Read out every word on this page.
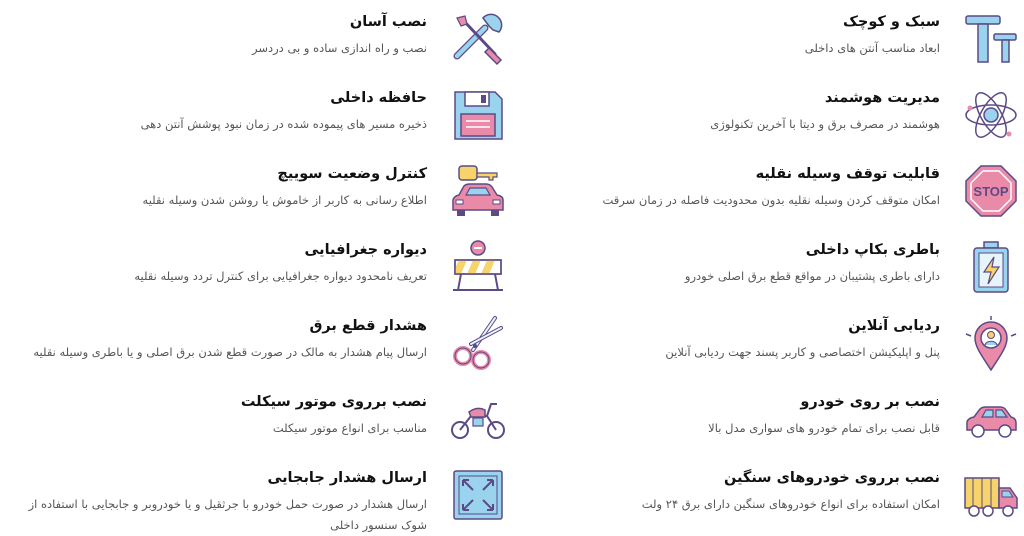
سبک و کوچک

ابعاد مناسب آنتن های داخلی

مدیریت هوشمند

هوشمند در مصرف برق و دیتا با آخرین تکنولوژی

STOP
قابلیت توقف وسیله نقلیه

امکان متوقف کردن وسیله نقلیه بدون محدودیت فاصله در زمان سرقت

باطری بکاپ داخلی

دارای باطری پشتیبان در مواقع قطع برق اصلی خودرو

ردیابی آنلاین

پنل و اپلیکیشن اختصاصی و کاربر پسند جهت ردیابی آنلاین

نصب بر روی خودرو

قابل نصب برای تمام خودرو های سواری مدل بالا

نصب برروی خودروهای سنگین

امکان استفاده برای انواع خودروهای سنگین دارای برق ۲۴ ولت

نصب آسان

نصب و راه اندازی ساده و بی دردسر

حافظه داخلی

ذخیره مسیر های پیموده شده در زمان نبود پوشش آنتن دهی

کنترل وضعیت سوییچ

اطلاع رسانی به کاربر از خاموش یا روشن شدن وسیله نقلیه

دیواره جغرافیایی

تعریف نامحدود دیواره جغرافیایی برای کنترل تردد وسیله نقلیه

هشدار قطع برق

ارسال پیام هشدار به مالک در صورت قطع شدن برق اصلی و یا باطری وسیله نقلیه

نصب برروی موتور سیکلت

مناسب برای انواع موتور سیکلت

ارسال هشدار جابجایی

ارسال هشدار در صورت حمل خودرو با جرثقیل و یا خودروبر و جابجایی با استفاده از شوک سنسور داخلی
